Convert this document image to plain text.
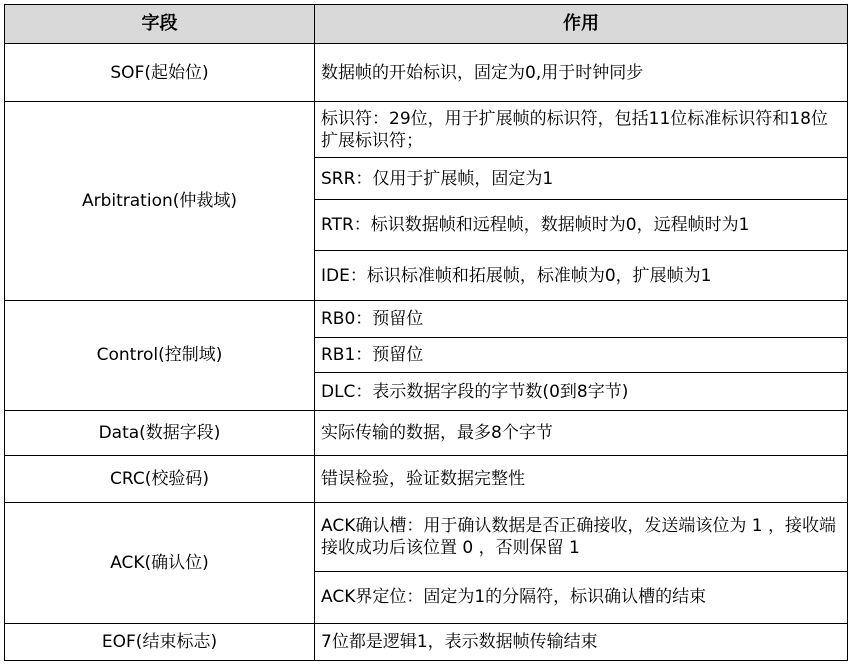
字段	作用
SOF(起始位)	数据帧的开始标识，固定为0,用于时钟同步
Arbitration(仲裁域)	标识符：29位，用于扩展帧的标识符，包括11位标准标识符和18位扩展标识符；
	SRR：仅用于扩展帧，固定为1
	RTR：标识数据帧和远程帧，数据帧时为0，远程帧时为1
	IDE：标识标准帧和拓展帧，标准帧为0，扩展帧为1
Control(控制域)	RB0：预留位
	RB1：预留位
	DLC：表示数据字段的字节数(0到8字节)
Data(数据字段)	实际传输的数据，最多8个字节
CRC(校验码)	错误检验，验证数据完整性
ACK(确认位)	ACK确认槽：用于确认数据是否正确接收，发送端该位为 1 ，接收端接收成功后该位置 0 ，否则保留 1
	ACK界定位：固定为1的分隔符，标识确认槽的结束
EOF(结束标志)	7位都是逻辑1，表示数据帧传输结束
